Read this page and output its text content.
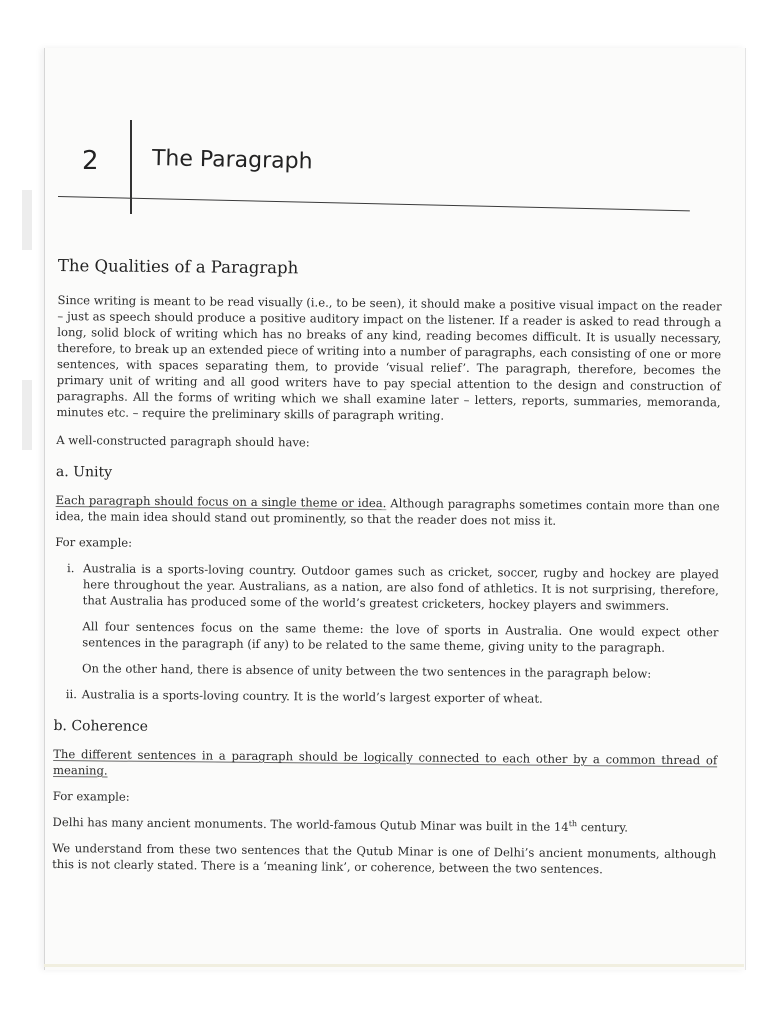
2 The Paragraph
The Qualities of a Paragraph

Since writing is meant to be read visually (i.e., to be seen), it should make a positive visual impact on the reader – just as speech should produce a positive auditory impact on the listener. If a reader is asked to read through a long, solid block of writing which has no breaks of any kind, reading becomes difficult. It is usually necessary, therefore, to break up an extended piece of writing into a number of paragraphs, each consisting of one or more sentences, with spaces separating them, to provide ‘visual relief’. The paragraph, therefore, becomes the primary unit of writing and all good writers have to pay special attention to the design and construction of paragraphs. All the forms of writing which we shall examine later – letters, reports, summaries, memoranda, minutes etc. – require the preliminary skills of paragraph writing.

A well-constructed paragraph should have:

a. Unity

Each paragraph should focus on a single theme or idea. Although paragraphs sometimes contain more than one idea, the main idea should stand out prominently, so that the reader does not miss it.

For example:

i. Australia is a sports-loving country. Outdoor games such as cricket, soccer, rugby and hockey are played here throughout the year. Australians, as a nation, are also fond of athletics. It is not surprising, therefore, that Australia has produced some of the world’s greatest cricketers, hockey players and swimmers.

All four sentences focus on the same theme: the love of sports in Australia. One would expect other sentences in the paragraph (if any) to be related to the same theme, giving unity to the paragraph.

On the other hand, there is absence of unity between the two sentences in the paragraph below:

ii. Australia is a sports-loving country. It is the world’s largest exporter of wheat.
b. Coherence

The different sentences in a paragraph should be logically connected to each other by a common thread of meaning.

For example:

Delhi has many ancient monuments. The world-famous Qutub Minar was built in the 14th century.

We understand from these two sentences that the Qutub Minar is one of Delhi’s ancient monuments, although this is not clearly stated. There is a ‘meaning link’, or coherence, between the two sentences.
